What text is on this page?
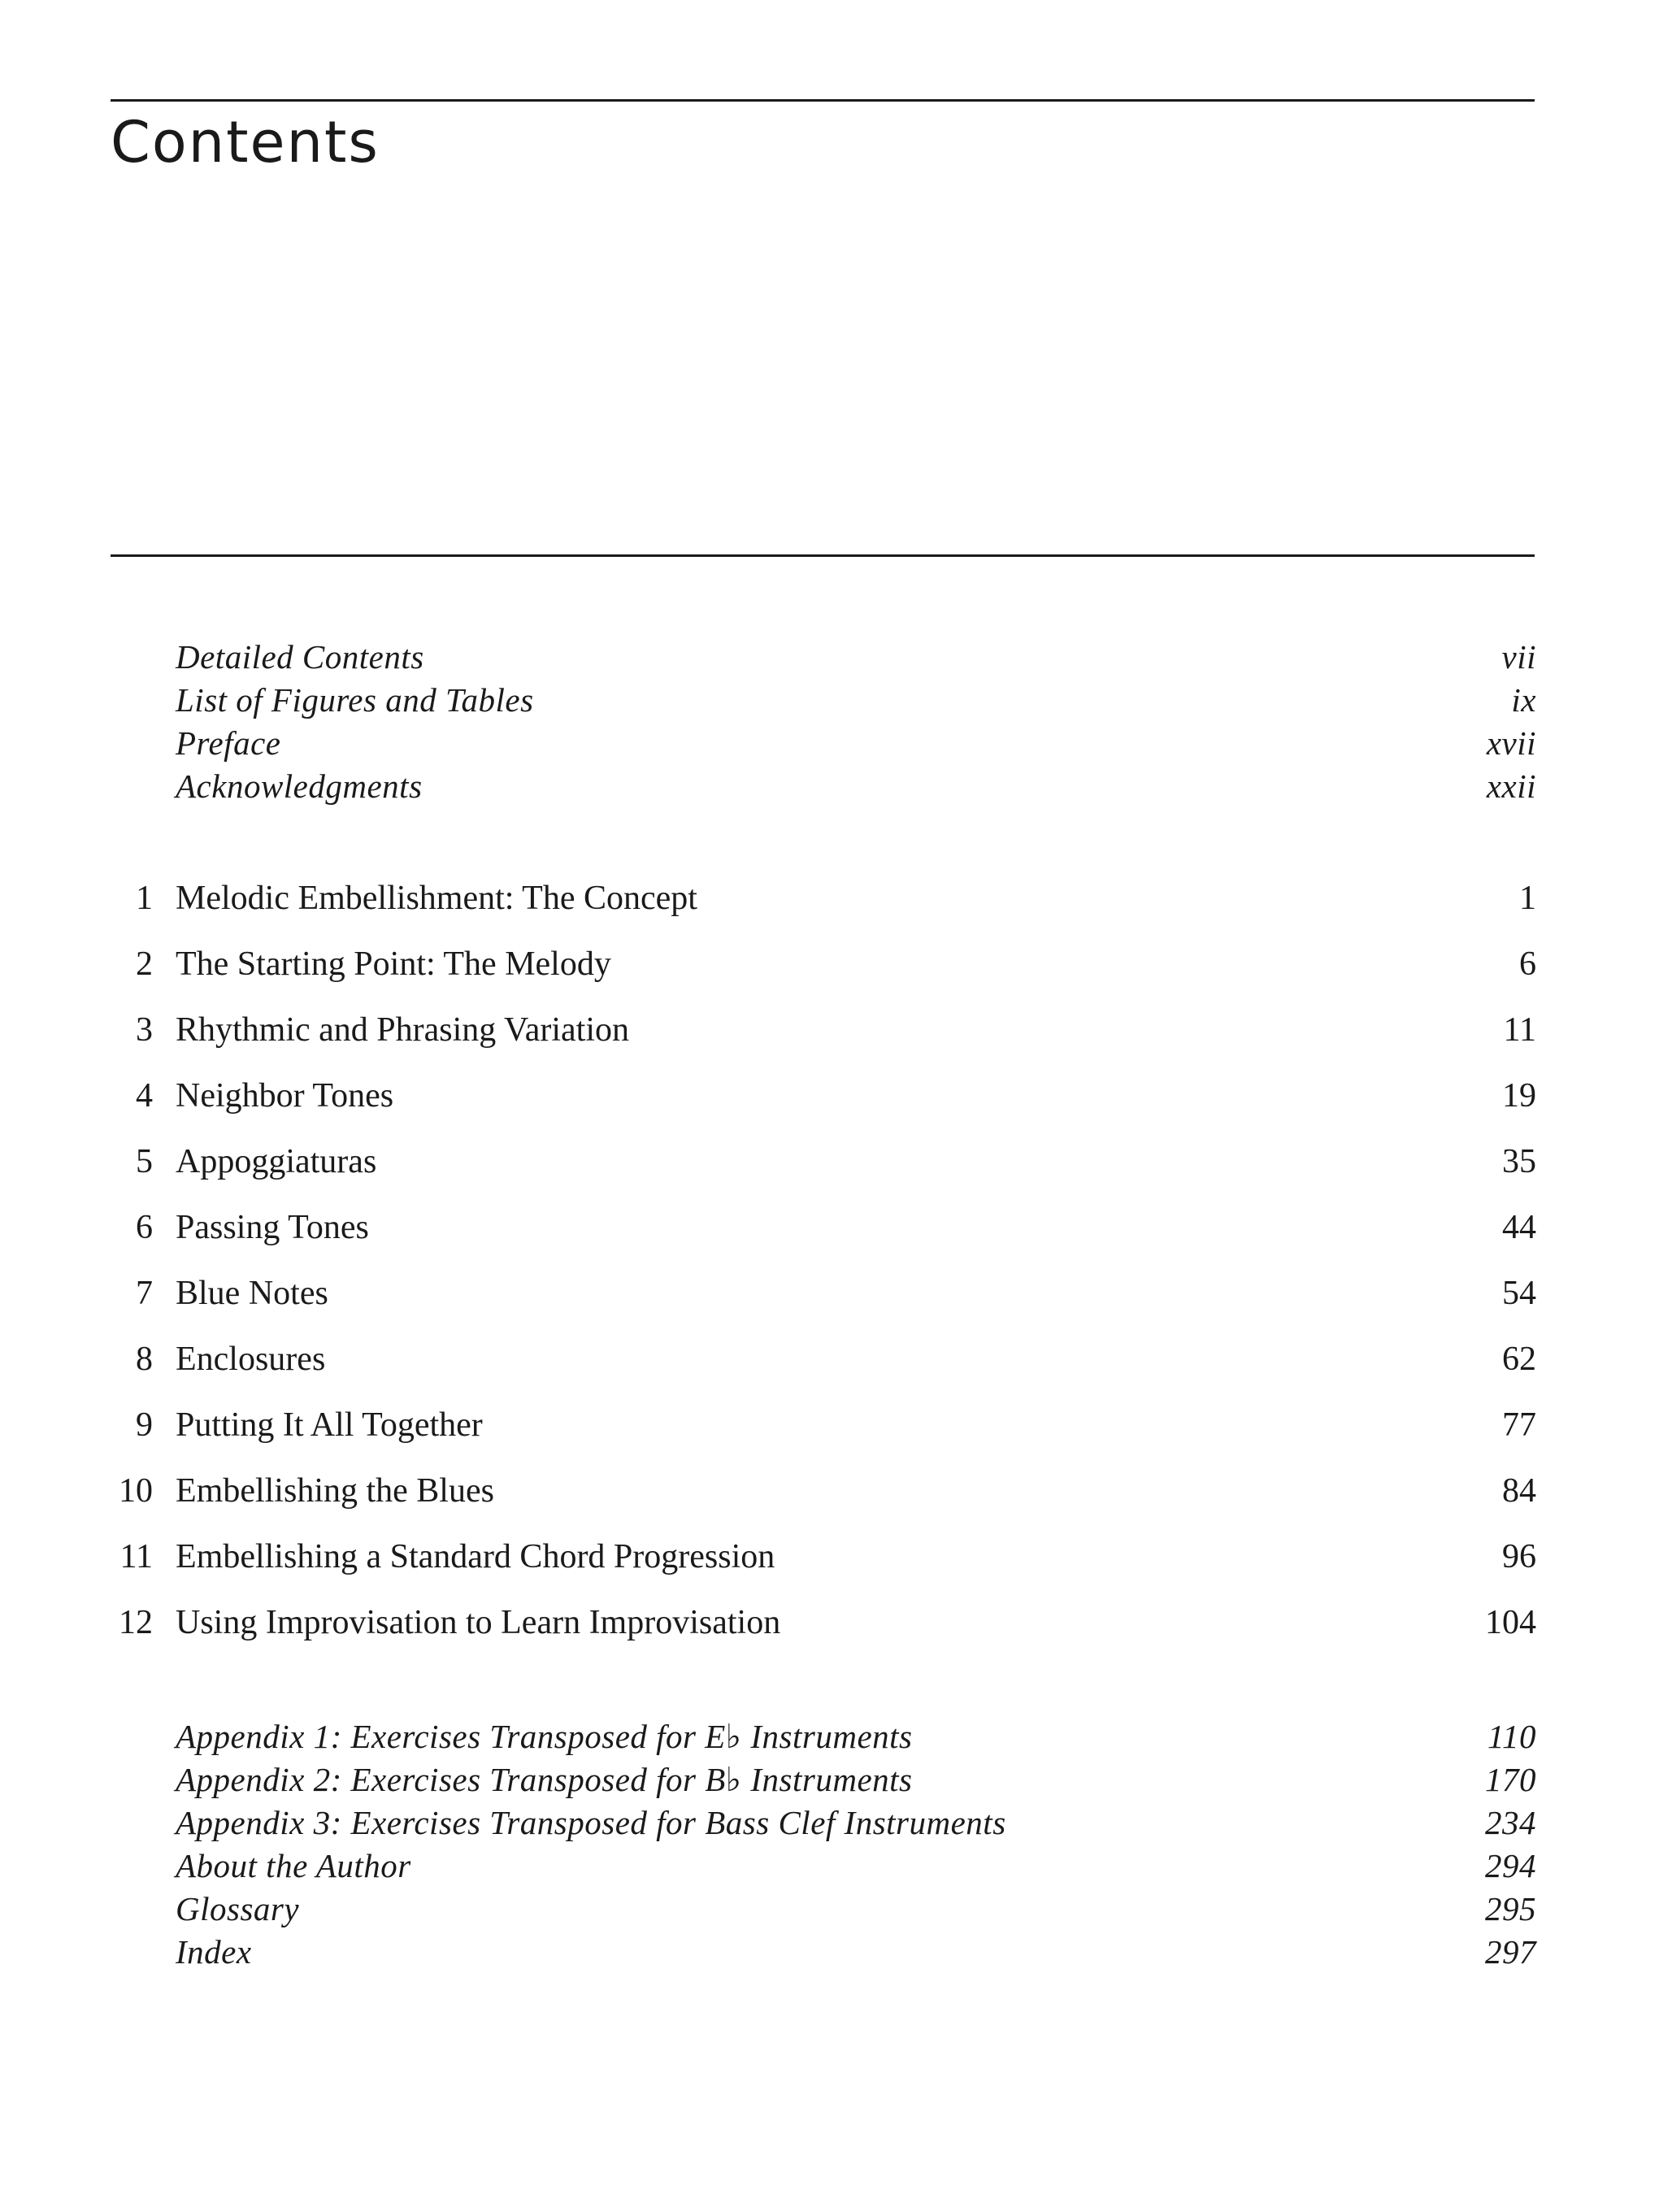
Contents
Detailed Contents	vii
List of Figures and Tables	ix
Preface	xvii
Acknowledgments	xxii
1 Melodic Embellishment: The Concept	1
2 The Starting Point: The Melody	6
3 Rhythmic and Phrasing Variation	11
4 Neighbor Tones	19
5 Appoggiaturas	35
6 Passing Tones	44
7 Blue Notes	54
8 Enclosures	62
9 Putting It All Together	77
10 Embellishing the Blues	84
11 Embellishing a Standard Chord Progression	96
12 Using Improvisation to Learn Improvisation	104
Appendix 1: Exercises Transposed for E♭ Instruments	110
Appendix 2: Exercises Transposed for B♭ Instruments	170
Appendix 3: Exercises Transposed for Bass Clef Instruments	234
About the Author	294
Glossary	295
Index	297
